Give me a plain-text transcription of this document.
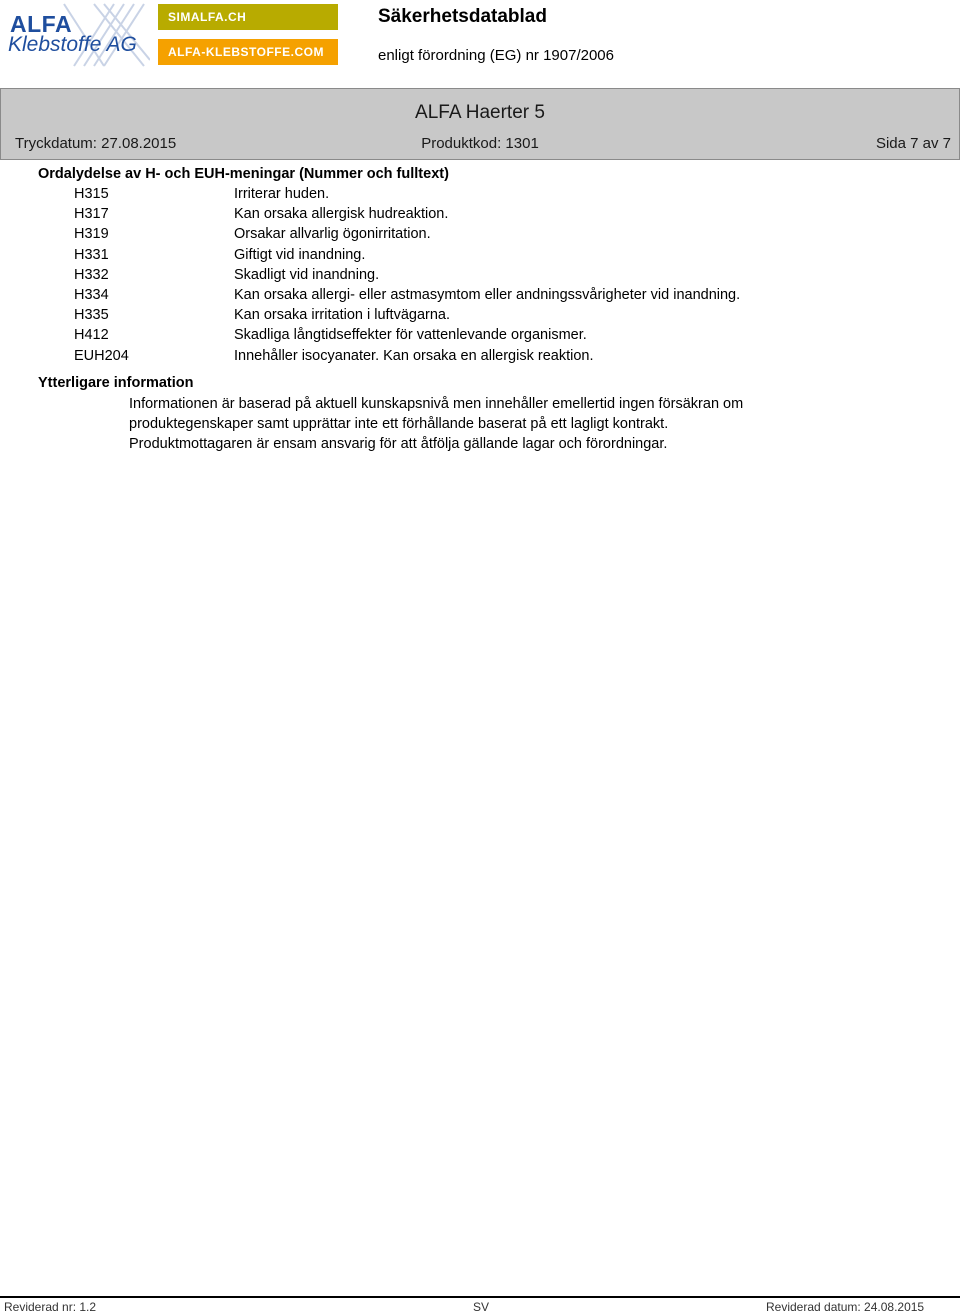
ALFA
Klebstoffe AG
SIMALFA.CH
ALFA-KLEBSTOFFE.COM
Säkerhetsdatablad
enligt förordning (EG) nr 1907/2006
ALFA Haerter 5
Tryckdatum: 27.08.2015	Produktkod: 1301	Sida 7 av 7
Ordalydelse av H- och EUH-meningar (Nummer och fulltext)
H315	Irriterar huden.
H317	Kan orsaka allergisk hudreaktion.
H319	Orsakar allvarlig ögonirritation.
H331	Giftigt vid inandning.
H332	Skadligt vid inandning.
H334	Kan orsaka allergi- eller astmasymtom eller andningssvårigheter vid inandning.
H335	Kan orsaka irritation i luftvägarna.
H412	Skadliga långtidseffekter för vattenlevande organismer.
EUH204	Innehåller isocyanater. Kan orsaka en allergisk reaktion.
Ytterligare information
Informationen är baserad på aktuell kunskapsnivå men innehåller emellertid ingen försäkran om
produktegenskaper samt upprättar inte ett förhållande baserat på ett lagligt kontrakt.
Produktmottagaren är ensam ansvarig för att åtfölja gällande lagar och förordningar.
Reviderad nr: 1.2	SV	Reviderad datum: 24.08.2015
